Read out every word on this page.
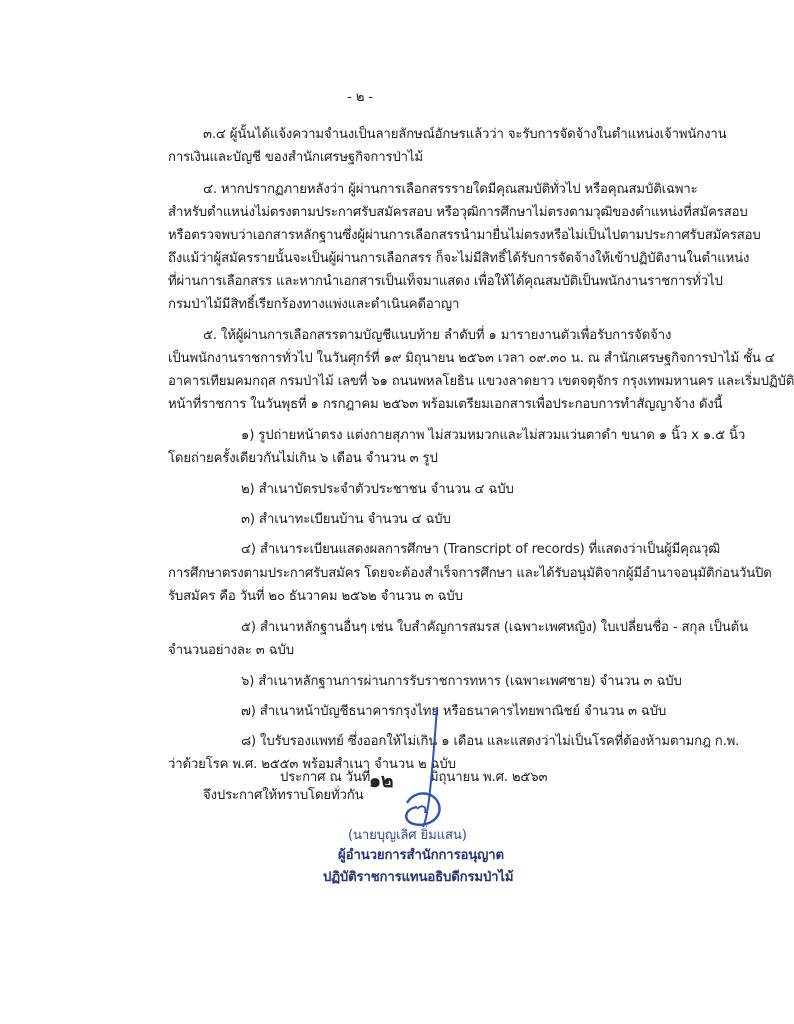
- ๒ -
๓.๔ ผู้นั้นได้แจ้งความจำนงเป็นลายลักษณ์อักษรแล้วว่า จะรับการจัดจ้างในตำแหน่งเจ้าพนักงาน
การเงินและบัญชี ของสำนักเศรษฐกิจการป่าไม้
๔. หากปรากฏภายหลังว่า ผู้ผ่านการเลือกสรรรายใดมีคุณสมบัติทั่วไป หรือคุณสมบัติเฉพาะ
สำหรับตำแหน่งไม่ตรงตามประกาศรับสมัครสอบ หรือวุฒิการศึกษาไม่ตรงตามวุฒิของตำแหน่งที่สมัครสอบ
หรือตรวจพบว่าเอกสารหลักฐานซึ่งผู้ผ่านการเลือกสรรนำมายื่นไม่ตรงหรือไม่เป็นไปตามประกาศรับสมัครสอบ
ถึงแม้ว่าผู้สมัครรายนั้นจะเป็นผู้ผ่านการเลือกสรร ก็จะไม่มีสิทธิ์ได้รับการจัดจ้างให้เข้าปฏิบัติงานในตำแหน่ง
ที่ผ่านการเลือกสรร และหากนำเอกสารเป็นเท็จมาแสดง เพื่อให้ได้คุณสมบัติเป็นพนักงานราชการทั่วไป
กรมป่าไม้มีสิทธิ์เรียกร้องทางแพ่งและดำเนินคดีอาญา
๕. ให้ผู้ผ่านการเลือกสรรตามบัญชีแนบท้าย ลำดับที่ ๑ มารายงานตัวเพื่อรับการจัดจ้าง
เป็นพนักงานราชการทั่วไป ในวันศุกร์ที่ ๑๙ มิถุนายน ๒๕๖๓ เวลา ๐๙.๓๐ น. ณ สำนักเศรษฐกิจการป่าไม้ ชั้น ๔
อาคารเทียมคมกฤส กรมป่าไม้ เลขที่ ๖๑ ถนนพหลโยธิน แขวงลาดยาว เขตจตุจักร กรุงเทพมหานคร และเริ่มปฏิบัติ
หน้าที่ราชการ ในวันพุธที่ ๑ กรกฎาคม ๒๕๖๓ พร้อมเตรียมเอกสารเพื่อประกอบการทำสัญญาจ้าง ดังนี้
๑) รูปถ่ายหน้าตรง แต่งกายสุภาพ ไม่สวมหมวกและไม่สวมแว่นตาดำ ขนาด ๑ นิ้ว x ๑.๕ นิ้ว
โดยถ่ายครั้งเดียวกันไม่เกิน ๖ เดือน จำนวน ๓ รูป
๒) สำเนาบัตรประจำตัวประชาชน จำนวน ๔ ฉบับ
๓) สำเนาทะเบียนบ้าน จำนวน ๔ ฉบับ
๔) สำเนาระเบียนแสดงผลการศึกษา (Transcript of records) ที่แสดงว่าเป็นผู้มีคุณวุฒิ
การศึกษาตรงตามประกาศรับสมัคร โดยจะต้องสำเร็จการศึกษา และได้รับอนุมัติจากผู้มีอำนาจอนุมัติก่อนวันปิด
รับสมัคร คือ วันที่ ๒๐ ธันวาคม ๒๕๖๒ จำนวน ๓ ฉบับ
๕) สำเนาหลักฐานอื่นๆ เช่น ใบสำคัญการสมรส (เฉพาะเพศหญิง) ใบเปลี่ยนชื่อ - สกุล เป็นต้น
จำนวนอย่างละ ๓ ฉบับ
๖) สำเนาหลักฐานการผ่านการรับราชการทหาร (เฉพาะเพศชาย) จำนวน ๓ ฉบับ
๗) สำเนาหน้าบัญชีธนาคารกรุงไทย หรือธนาคารไทยพาณิชย์ จำนวน ๓ ฉบับ
๘) ใบรับรองแพทย์ ซึ่งออกให้ไม่เกิน ๑ เดือน และแสดงว่าไม่เป็นโรคที่ต้องห้ามตามกฎ ก.พ.
ว่าด้วยโรค พ.ศ. ๒๕๕๓ พร้อมสำเนา จำนวน ๒ ฉบับ
จึงประกาศให้ทราบโดยทั่วกัน
ประกาศ ณ วันที่
๑๒	มิถุนายน พ.ศ. ๒๕๖๓
(นายบุญเลิศ ยิ่มแสน)
ผู้อำนวยการสำนักการอนุญาต
ปฏิบัติราชการแทนอธิบดีกรมป่าไม้
